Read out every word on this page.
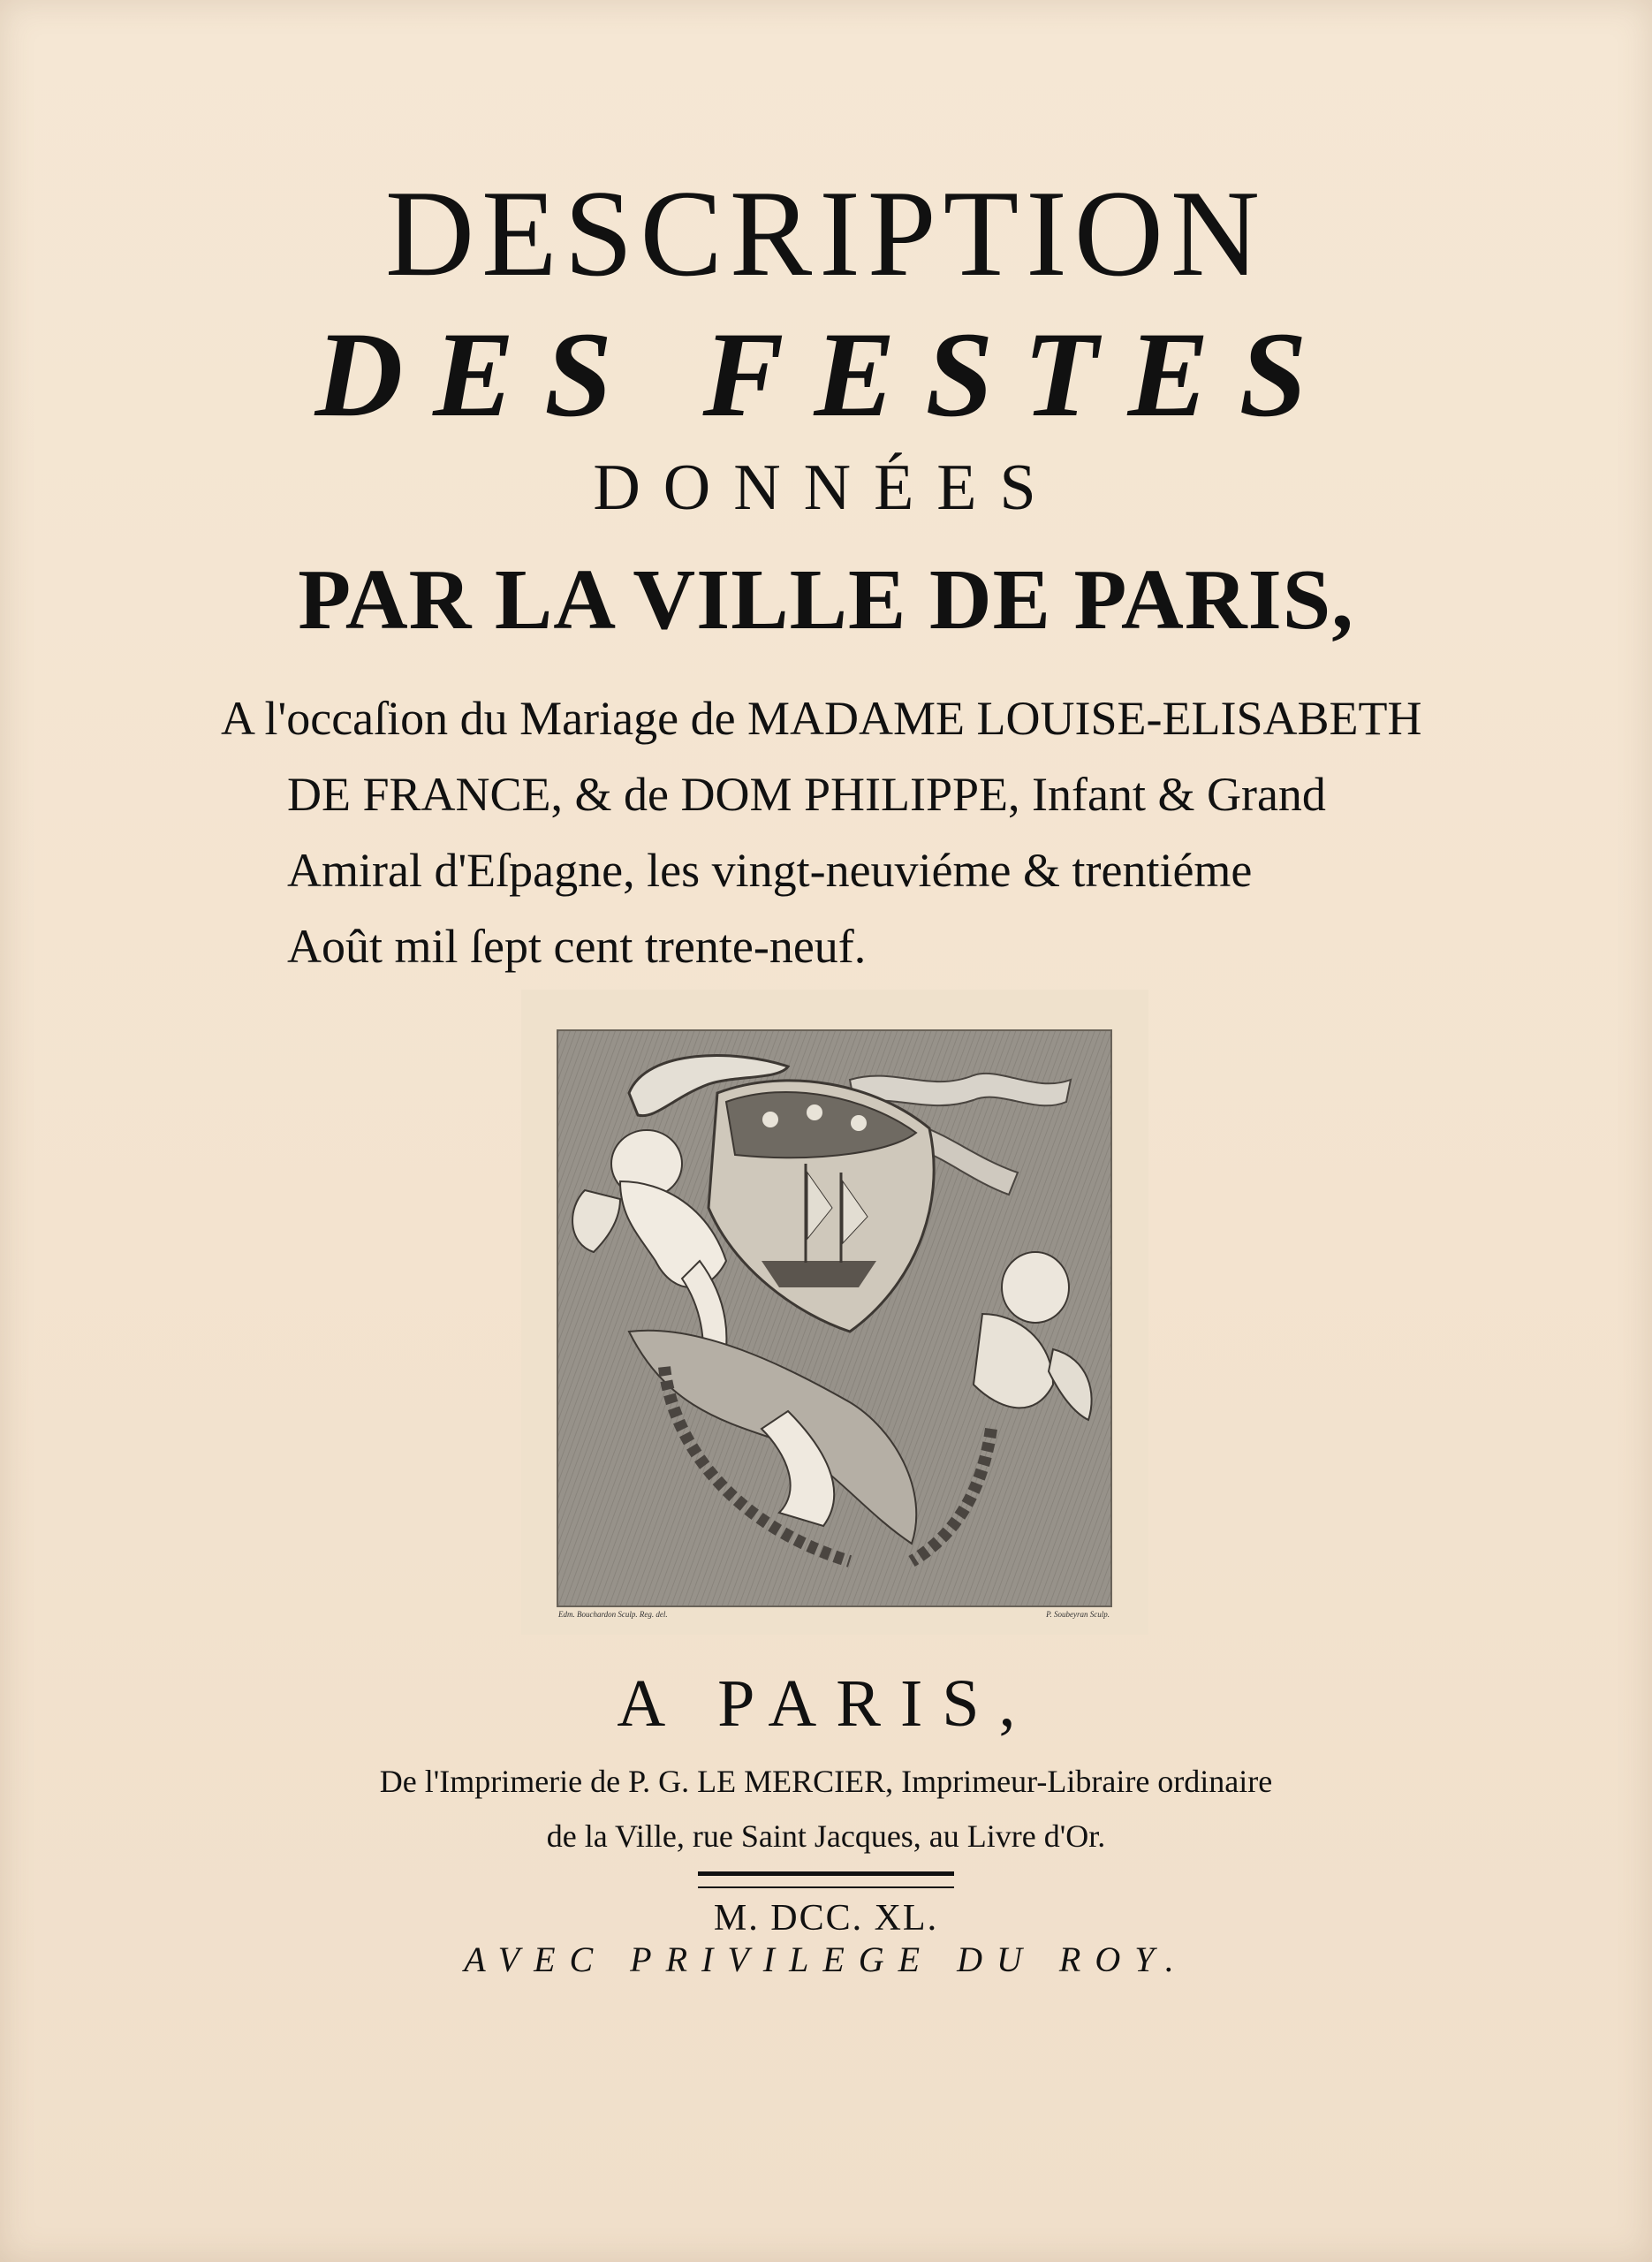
DESCRIPTION
DES FESTES
DONNÉES
PAR LA VILLE DE PARIS,
A l'occaſion du Mariage de MADAME LOUISE-ELISABETH
DE FRANCE, & de DOM PHILIPPE, Infant & Grand
Amiral d'Eſpagne, les vingt-neuviéme & trentiéme
Août mil ſept cent trente-neuf.
Edm. Bouchardon Sculp. Reg. del.	P. Soubeyran Sculp.
A PARIS,
De l'Imprimerie de P. G. LE MERCIER, Imprimeur-Libraire ordinaire
de la Ville, rue Saint Jacques, au Livre d'Or.
M. DCC. XL.
AVEC PRIVILEGE DU ROY.
